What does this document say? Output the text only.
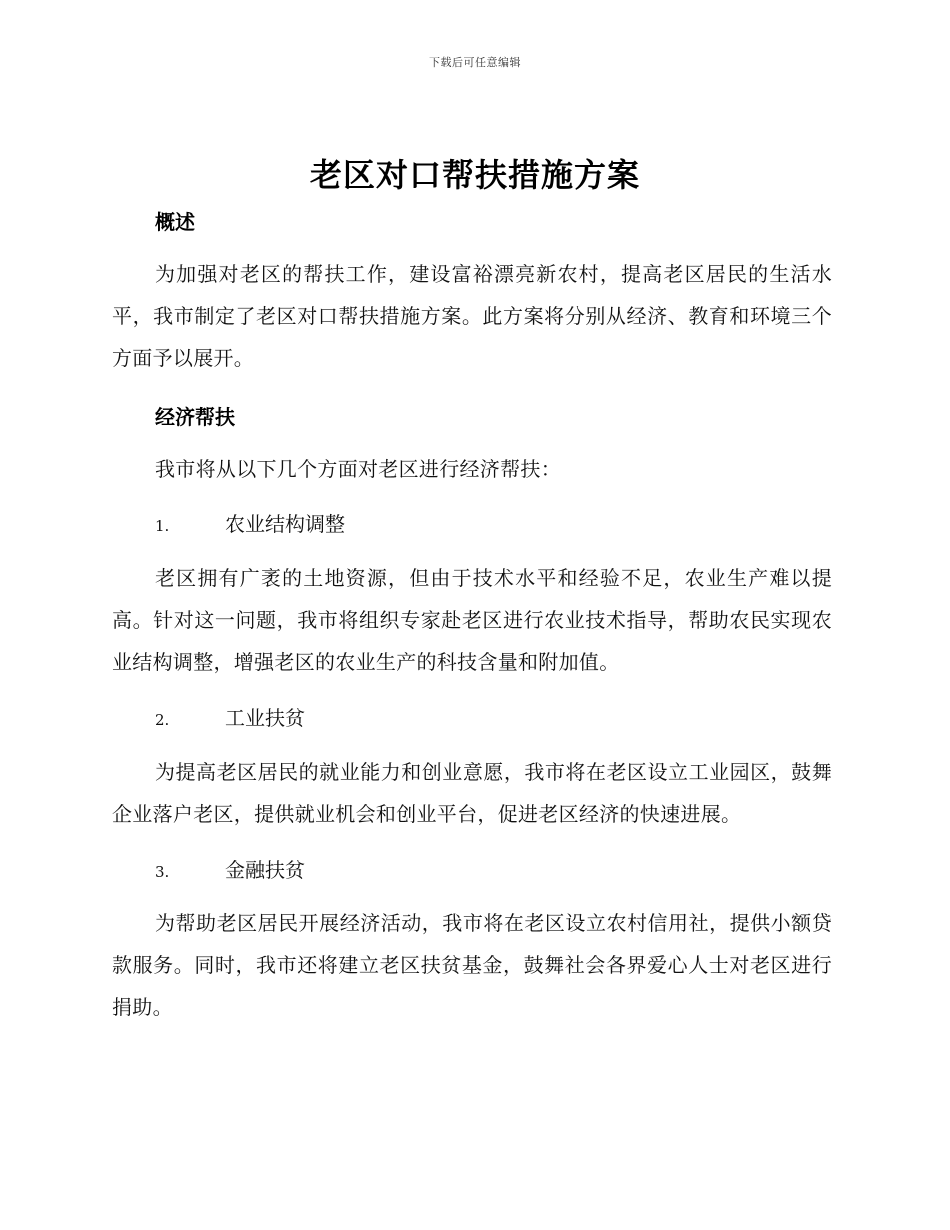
下载后可任意编辑
老区对口帮扶措施方案
概述

为加强对老区的帮扶工作，建设富裕漂亮新农村，提高老区居民的生活水平，我市制定了老区对口帮扶措施方案。此方案将分别从经济、教育和环境三个方面予以展开。

经济帮扶

我市将从以下几个方面对老区进行经济帮扶：

1.	农业结构调整

老区拥有广袤的土地资源，但由于技术水平和经验不足，农业生产难以提高。针对这一问题，我市将组织专家赴老区进行农业技术指导，帮助农民实现农业结构调整，增强老区的农业生产的科技含量和附加值。

2.	工业扶贫

为提高老区居民的就业能力和创业意愿，我市将在老区设立工业园区，鼓舞企业落户老区，提供就业机会和创业平台，促进老区经济的快速进展。

3.	金融扶贫

为帮助老区居民开展经济活动，我市将在老区设立农村信用社，提供小额贷款服务。同时，我市还将建立老区扶贫基金，鼓舞社会各界爱心人士对老区进行捐助。
